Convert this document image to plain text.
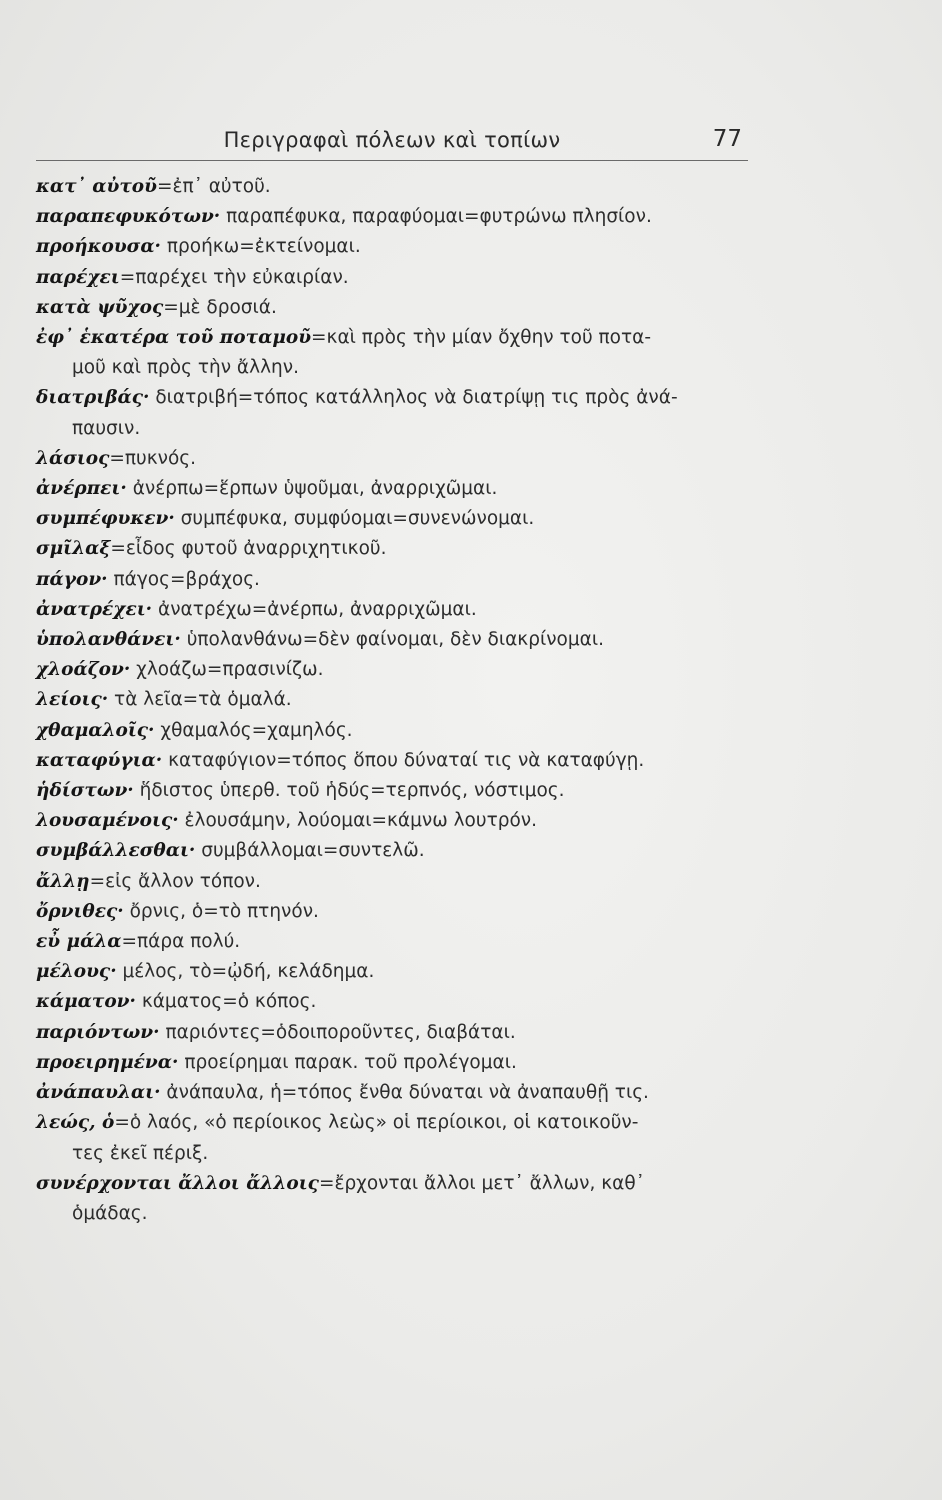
Περιγραφαὶ πόλεων καὶ τοπίων	77
κατ᾿ αὐτοῦ=ἐπ᾿ αὐτοῦ.
παραπεφυκότων· παραπέφυκα, παραφύομαι=φυτρώνω πλησίον.
προήκουσα· προήκω=ἐκτείνομαι.
παρέχει=παρέχει τὴν εὐκαιρίαν.
κατὰ ψῦχος=μὲ δροσιά.
ἐφ᾿ ἑκατέρα τοῦ ποταμοῦ=καὶ πρὸς τὴν μίαν ὄχθην τοῦ ποτα-
μοῦ καὶ πρὸς τὴν ἄλλην.
διατριβάς· διατριβή=τόπος κατάλληλος νὰ διατρίψῃ τις πρὸς ἀνά-
παυσιν.
λάσιος=πυκνός.
ἀνέρπει· ἀνέρπω=ἕρπων ὑψοῦμαι, ἀναρριχῶμαι.
συμπέφυκεν· συμπέφυκα, συμφύομαι=συνενώνομαι.
σμῖλαξ=εἶδος φυτοῦ ἀναρριχητικοῦ.
πάγον· πάγος=βράχος.
ἀνατρέχει· ἀνατρέχω=ἀνέρπω, ἀναρριχῶμαι.
ὑπολανθάνει· ὑπολανθάνω=δὲν φαίνομαι, δὲν διακρίνομαι.
χλοάζον· χλοάζω=πρασινίζω.
λείοις· τὰ λεῖα=τὰ ὁμαλά.
χθαμαλοῖς· χθαμαλός=χαμηλός.
καταφύγια· καταφύγιον=τόπος ὅπου δύναταί τις νὰ καταφύγῃ.
ἡδίστων· ἥδιστος ὑπερθ. τοῦ ἡδύς=τερπνός, νόστιμος.
λουσαμένοις· ἐλουσάμην, λούομαι=κάμνω λουτρόν.
συμβάλλεσθαι· συμβάλλομαι=συντελῶ.
ἄλλῃ=εἰς ἄλλον τόπον.
ὄρνιθες· ὄρνις, ὁ=τὸ πτηνόν.
εὖ μάλα=πάρα πολύ.
μέλους· μέλος, τὸ=ᾠδή, κελάδημα.
κάματον· κάματος=ὁ κόπος.
παριόντων· παριόντες=ὁδοιποροῦντες, διαβάται.
προειρημένα· προείρημαι παρακ. τοῦ προλέγομαι.
ἀνάπαυλαι· ἀνάπαυλα, ἡ=τόπος ἔνθα δύναται νὰ ἀναπαυθῇ τις.
λεώς, ὁ=ὁ λαός, «ὁ περίοικος λεὼς» οἱ περίοικοι, οἱ κατοικοῦν-
τες ἐκεῖ πέριξ.
συνέρχονται ἄλλοι ἄλλοις=ἔρχονται ἄλλοι μετ᾿ ἄλλων, καθ᾿
ὁμάδας.
